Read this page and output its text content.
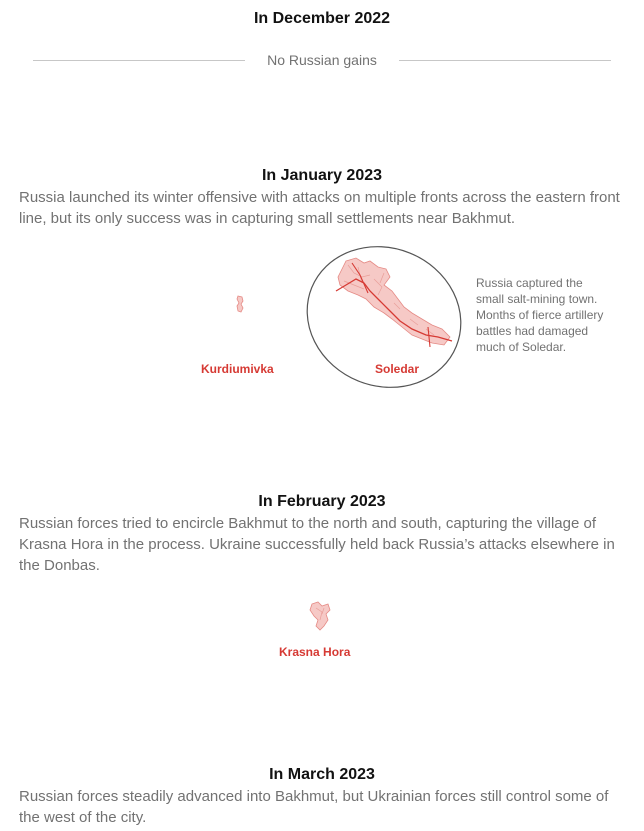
In December 2022
No Russian gains
In January 2023
Russia launched its winter offensive with attacks on multiple fronts across the eastern front line, but its only success was in capturing small settlements near Bakhmut.
Kurdiumivka	Soledar
Russia captured the small salt-mining town. Months of fierce artillery battles had damaged much of Soledar.
In February 2023
Russian forces tried to encircle Bakhmut to the north and south, capturing the village of Krasna Hora in the process. Ukraine successfully held back Russia’s attacks elsewhere in the Donbas.
Krasna Hora
In March 2023
Russian forces steadily advanced into Bakhmut, but Ukrainian forces still control some of the west of the city.
